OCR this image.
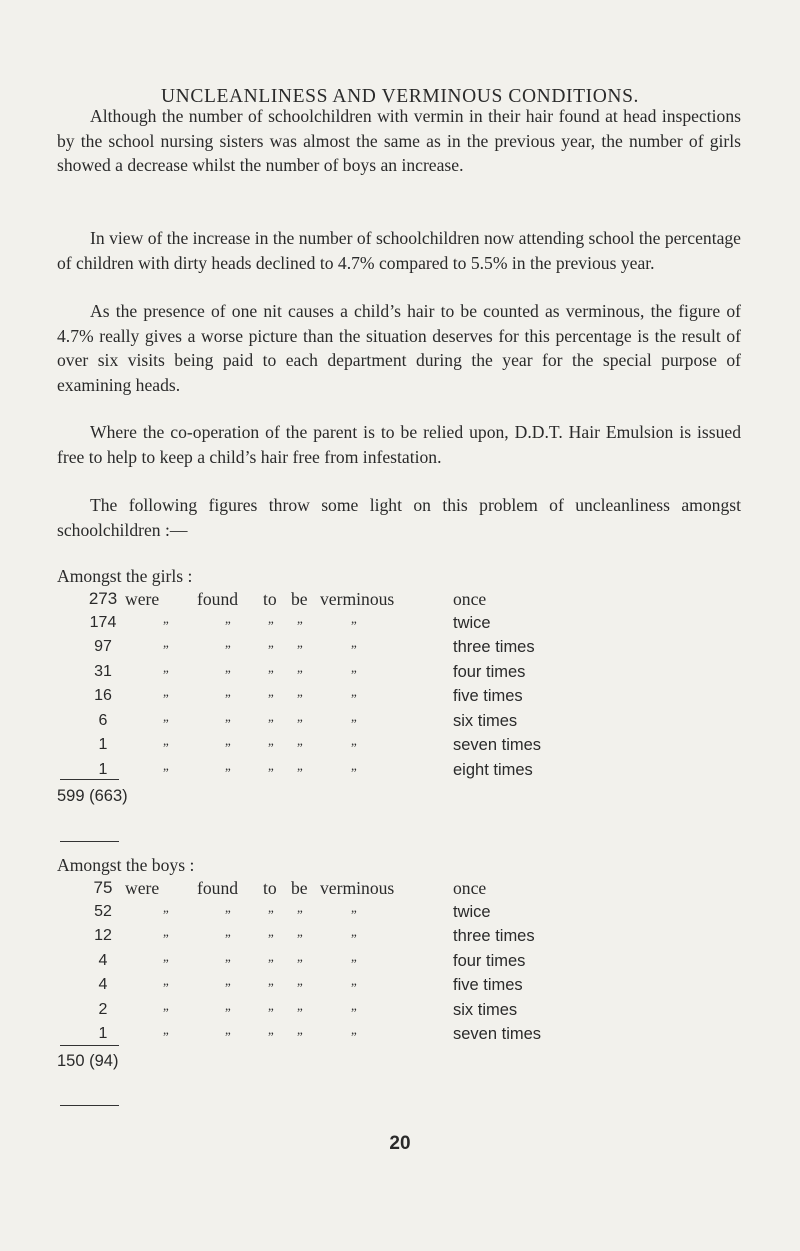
UNCLEANLINESS AND VERMINOUS CONDITIONS.

Although the number of schoolchildren with vermin in their hair found at head inspections by the school nursing sisters was almost the same as in the previous year, the number of girls showed a decrease whilst the number of boys an increase.

In view of the increase in the number of schoolchildren now attending school the percentage of children with dirty heads declined to 4.7% compared to 5.5% in the previous year.

As the presence of one nit causes a child’s hair to be counted as verminous, the figure of 4.7% really gives a worse picture than the situation deserves for this percentage is the result of over six visits being paid to each department during the year for the special purpose of examining heads.

Where the co-operation of the parent is to be relied upon, D.D.T. Hair Emulsion is issued free to help to keep a child’s hair free from infestation.

The following figures throw some light on this problem of uncleanliness amongst schoolchildren :—

Amongst the girls :
273 were found to be verminous	once
174	”	”	” ”	”	twice
97	”	”	” ”	”	three times
31	”	”	” ”	”	four times
16	”	”	” ”	”	five times
6	”	”	” ”	”	six times
1	”	”	” ”	”	seven times
1	”	”	” ”	”	eight times
599 (663)
Amongst the boys :
75 were found to be verminous	once
52	”	”	” ”	”	twice
12	”	”	” ”	”	three times
4	”	”	” ”	”	four times
4	”	”	” ”	”	five times
2	”	”	” ”	”	six times
1	”	”	” ”	”	seven times
150 (94)
20
